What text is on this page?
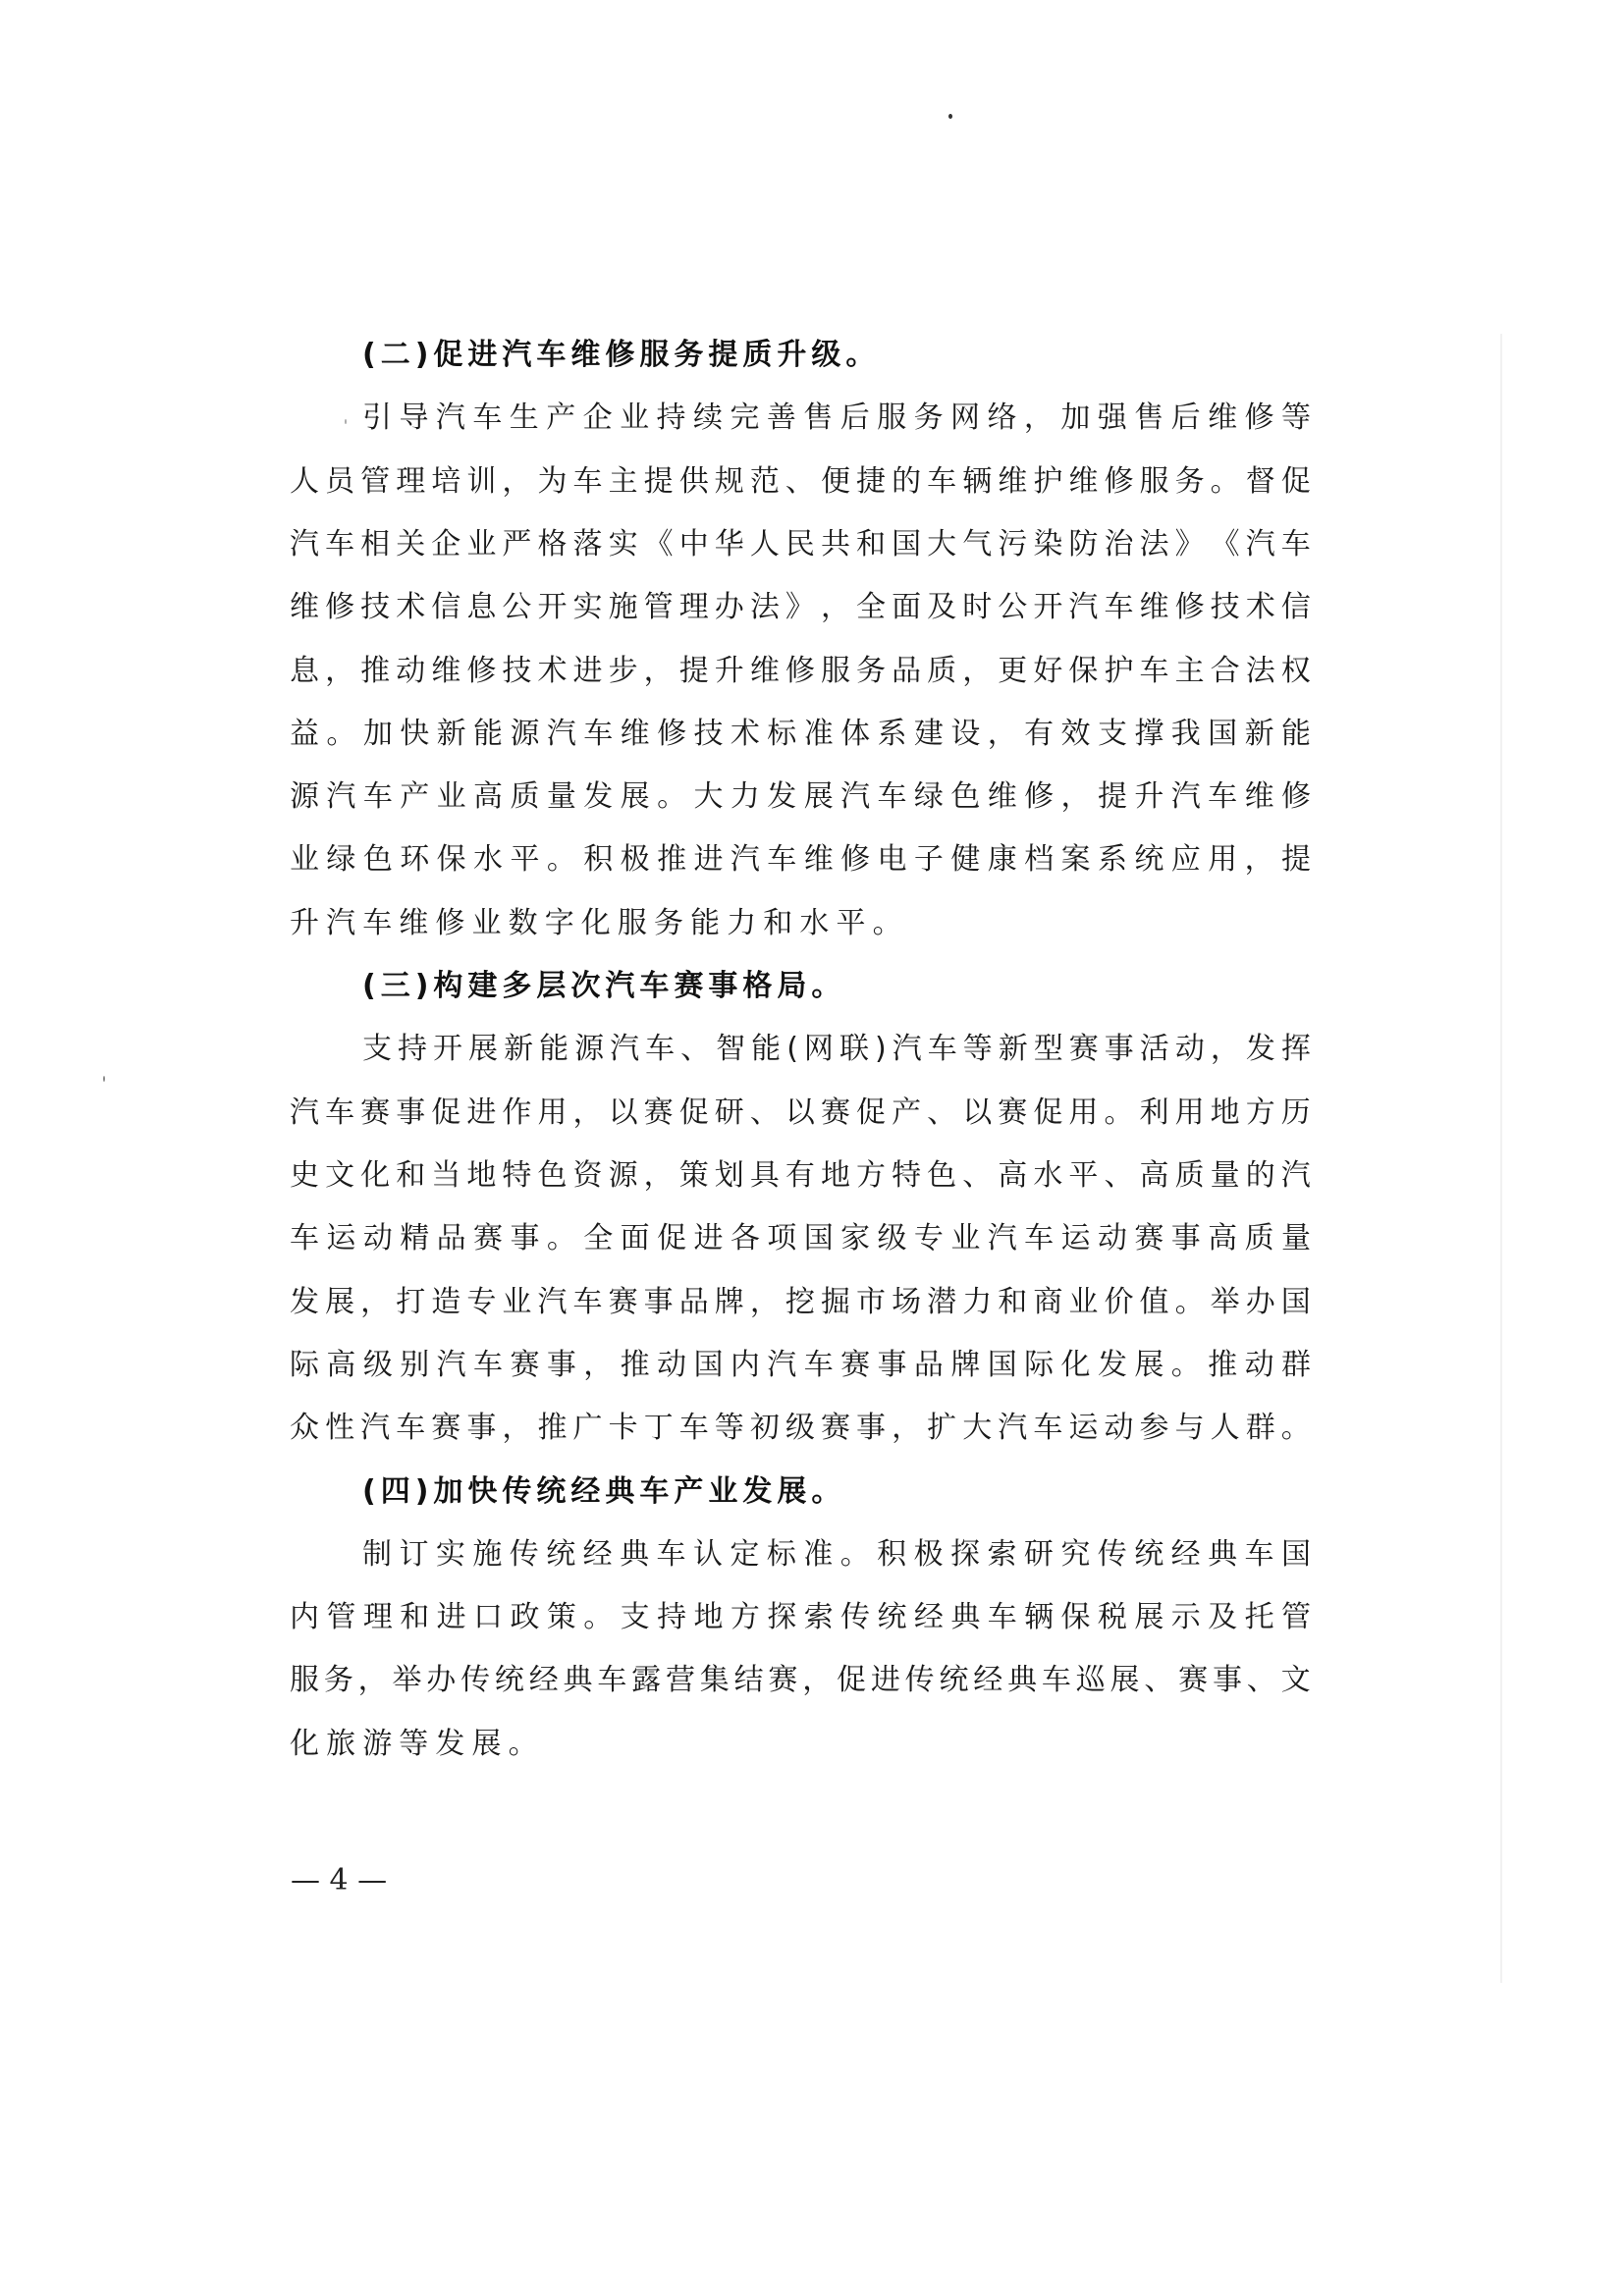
(二)促进汽车维修服务提质升级。
引 导 汽 车 生 产 企 业 持 续 完 善 售 后 服 务 网 络 ， 加 强 售 后 维 修 等
人 员 管 理 培 训 ， 为 车 主 提 供 规 范 、 便 捷 的 车 辆 维 护 维 修 服 务 。 督 促
汽 车 相 关 企 业 严 格 落 实 《 中 华 人 民 共 和 国 大 气 污 染 防 治 法 》 《 汽 车
维 修 技 术 信 息 公 开 实 施 管 理 办 法 》 ， 全 面 及 时 公 开 汽 车 维 修 技 术 信
息 ， 推 动 维 修 技 术 进 步 ， 提 升 维 修 服 务 品 质 ， 更 好 保 护 车 主 合 法 权
益 。 加 快 新 能 源 汽 车 维 修 技 术 标 准 体 系 建 设 ， 有 效 支 撑 我 国 新 能
源 汽 车 产 业 高 质 量 发 展 。 大 力 发 展 汽 车 绿 色 维 修 ， 提 升 汽 车 维 修
业 绿 色 环 保 水 平 。 积 极 推 进 汽 车 维 修 电 子 健 康 档 案 系 统 应 用 ， 提
升汽车维修业数字化服务能力和水平。
(三)构建多层次汽车赛事格局。
支 持 开 展 新 能 源 汽 车 、 智 能 ( 网 联 ) 汽 车 等 新 型 赛 事 活 动 ， 发 挥
汽 车 赛 事 促 进 作 用 ， 以 赛 促 研 、 以 赛 促 产 、 以 赛 促 用 。 利 用 地 方 历
史 文 化 和 当 地 特 色 资 源 ， 策 划 具 有 地 方 特 色 、 高 水 平 、 高 质 量 的 汽
车 运 动 精 品 赛 事 。 全 面 促 进 各 项 国 家 级 专 业 汽 车 运 动 赛 事 高 质 量
发 展 ， 打 造 专 业 汽 车 赛 事 品 牌 ， 挖 掘 市 场 潜 力 和 商 业 价 值 。 举 办 国
际 高 级 别 汽 车 赛 事 ， 推 动 国 内 汽 车 赛 事 品 牌 国 际 化 发 展 。 推 动 群
众 性 汽 车 赛 事 ， 推 广 卡 丁 车 等 初 级 赛 事 ， 扩 大 汽 车 运 动 参 与 人 群 。
(四)加快传统经典车产业发展。
制 订 实 施 传 统 经 典 车 认 定 标 准 。 积 极 探 索 研 究 传 统 经 典 车 国
内 管 理 和 进 口 政 策 。 支 持 地 方 探 索 传 统 经 典 车 辆 保 税 展 示 及 托 管
服 务 ， 举 办 传 统 经 典 车 露 营 集 结 赛 ， 促 进 传 统 经 典 车 巡 展 、 赛 事 、 文
化旅游等发展。
— 4 —
